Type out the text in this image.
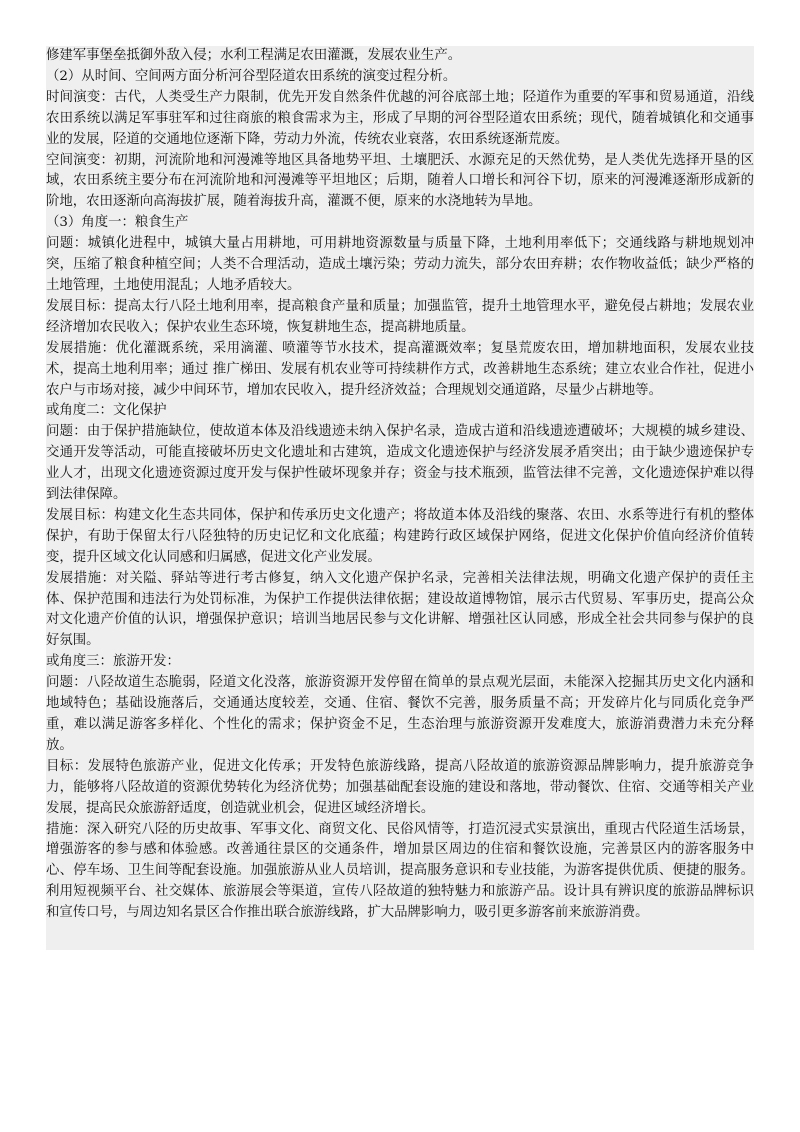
修建军事堡垒抵御外敌入侵；水利工程满足农田灌溉，发展农业生产。

（2）从时间、空间两方面分析河谷型陉道农田系统的演变过程分析。

时间演变：古代，人类受生产力限制，优先开发自然条件优越的河谷底部土地；陉道作为重要的军事和贸易通道，沿线农田系统以满足军事驻军和过往商旅的粮食需求为主，形成了早期的河谷型陉道农田系统；现代，随着城镇化和交通事业的发展，陉道的交通地位逐渐下降，劳动力外流，传统农业衰落，农田系统逐渐荒废。

空间演变：初期，河流阶地和河漫滩等地区具备地势平坦、土壤肥沃、水源充足的天然优势，是人类优先选择开垦的区域，农田系统主要分布在河流阶地和河漫滩等平坦地区；后期，随着人口增长和河谷下切，原来的河漫滩逐渐形成新的阶地，农田逐渐向高海拔扩展，随着海拔升高，灌溉不便，原来的水浇地转为旱地。

（3）角度一：粮食生产

问题：城镇化进程中，城镇大量占用耕地，可用耕地资源数量与质量下降，土地利用率低下；交通线路与耕地规划冲突，压缩了粮食种植空间；人类不合理活动，造成土壤污染；劳动力流失，部分农田弃耕；农作物收益低；缺少严格的土地管理，土地使用混乱；人地矛盾较大。

发展目标：提高太行八陉土地利用率，提高粮食产量和质量；加强监管，提升土地管理水平，避免侵占耕地；发展农业经济增加农民收入；保护农业生态环境，恢复耕地生态，提高耕地质量。

发展措施：优化灌溉系统，采用滴灌、喷灌等节水技术，提高灌溉效率；复垦荒废农田，增加耕地面积，发展农业技术，提高土地利用率；通过 推广梯田、发展有机农业等可持续耕作方式，改善耕地生态系统；建立农业合作社，促进小农户与市场对接，减少中间环节，增加农民收入，提升经济效益；合理规划交通道路，尽量少占耕地等。

或角度二：文化保护

问题：由于保护措施缺位，使故道本体及沿线遗迹未纳入保护名录，造成古道和沿线遗迹遭破坏；大规模的城乡建设、交通开发等活动，可能直接破坏历史文化遗址和古建筑，造成文化遗迹保护与经济发展矛盾突出；由于缺少遗迹保护专业人才，出现文化遗迹资源过度开发与保护性破坏现象并存；资金与技术瓶颈，监管法律不完善，文化遗迹保护难以得到法律保障。

发展目标：构建文化生态共同体，保护和传承历史文化遗产；将故道本体及沿线的聚落、农田、水系等进行有机的整体保护，有助于保留太行八陉独特的历史记忆和文化底蕴；构建跨行政区域保护网络，促进文化保护价值向经济价值转变，提升区域文化认同感和归属感，促进文化产业发展。

发展措施：对关隘、驿站等进行考古修复，纳入文化遗产保护名录，完善相关法律法规，明确文化遗产保护的责任主体、保护范围和违法行为处罚标准，为保护工作提供法律依据；建设故道博物馆，展示古代贸易、军事历史，提高公众对文化遗产价值的认识，增强保护意识；培训当地居民参与文化讲解、增强社区认同感，形成全社会共同参与保护的良好氛围。

或角度三：旅游开发：

问题：八陉故道生态脆弱，陉道文化没落，旅游资源开发停留在简单的景点观光层面，未能深入挖掘其历史文化内涵和地域特色；基础设施落后，交通通达度较差，交通、住宿、餐饮不完善，服务质量不高；开发碎片化与同质化竞争严重，难以满足游客多样化、个性化的需求；保护资金不足，生态治理与旅游资源开发难度大，旅游消费潜力未充分释放。

目标：发展特色旅游产业，促进文化传承；开发特色旅游线路，提高八陉故道的旅游资源品牌影响力，提升旅游竞争力，能够将八陉故道的资源优势转化为经济优势；加强基础配套设施的建设和落地，带动餐饮、住宿、交通等相关产业发展，提高民众旅游舒适度，创造就业机会，促进区域经济增长。

措施：深入研究八陉的历史故事、军事文化、商贸文化、民俗风情等，打造沉浸式实景演出，重现古代陉道生活场景，增强游客的参与感和体验感。改善通往景区的交通条件，增加景区周边的住宿和餐饮设施，完善景区内的游客服务中心、停车场、卫生间等配套设施。加强旅游从业人员培训，提高服务意识和专业技能，为游客提供优质、便捷的服务。利用短视频平台、社交媒体、旅游展会等渠道，宣传八陉故道的独特魅力和旅游产品。设计具有辨识度的旅游品牌标识和宣传口号，与周边知名景区合作推出联合旅游线路，扩大品牌影响力，吸引更多游客前来旅游消费。
